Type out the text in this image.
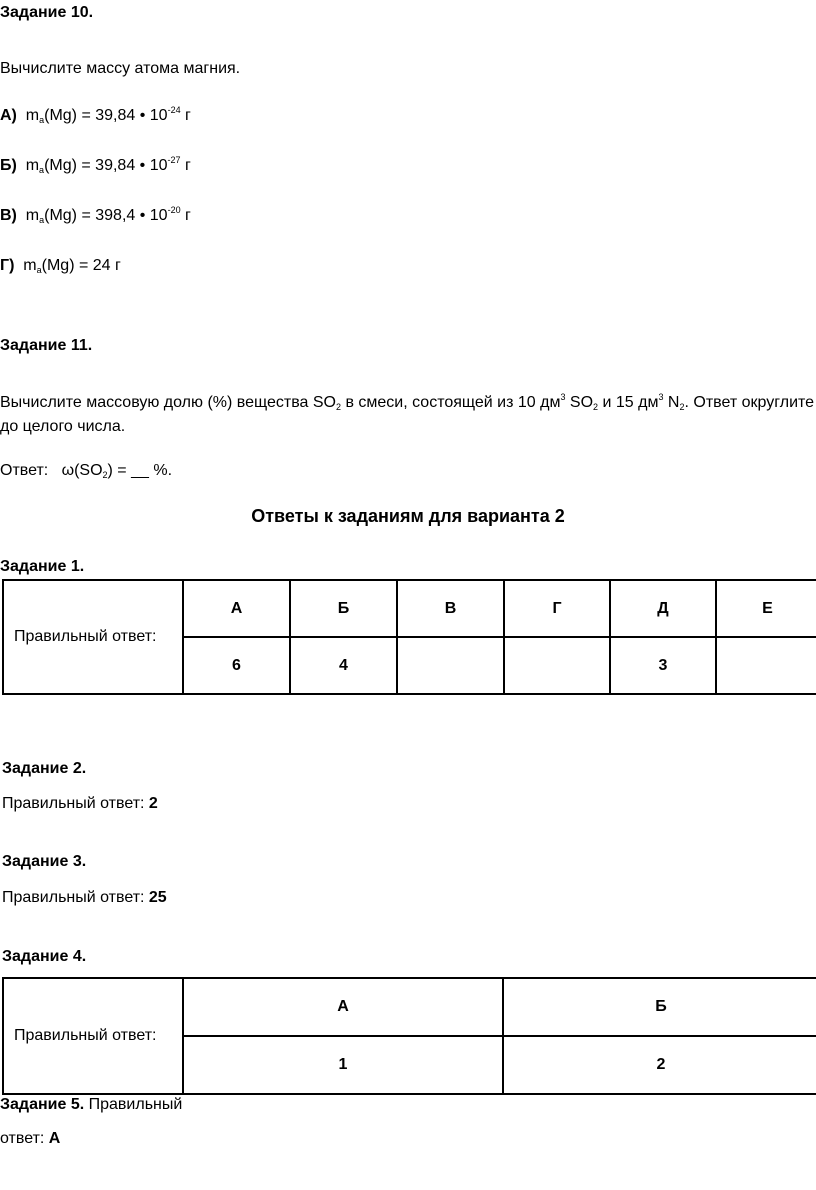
Задание 10.
Вычислите массу атома магния.
А) $m_a(Mg) = 39,84$ • $10^{-24}$ г
Б) $m_a(Mg) = 39,84$ • $10^{-27}$ г
В) $m_a(Mg) = 398,4$ • $10^{-20}$ г
Г) $m_a(Mg) = 24$ г
Задание 11.
Вычислите массовую долю (%) вещества $SO_2$ в смеси, состоящей из 10 $дм^3$ $SO_2$ и 15 $дм^3$ $N_2$. Ответ округлите
до целого числа.
Ответ:   $\omega(SO_2)$ = __ %.
Ответы к заданиям для варианта 2
Задание 1.
Правильный ответ:	А	Б	В	Г	Д	Е
	6	4			3	
Задание 2.
Правильный ответ: 2
Задание 3.
Правильный ответ: 25
Задание 4.
Правильный ответ:	А	Б
	1	2
Задание 5. Правильный
ответ: А
